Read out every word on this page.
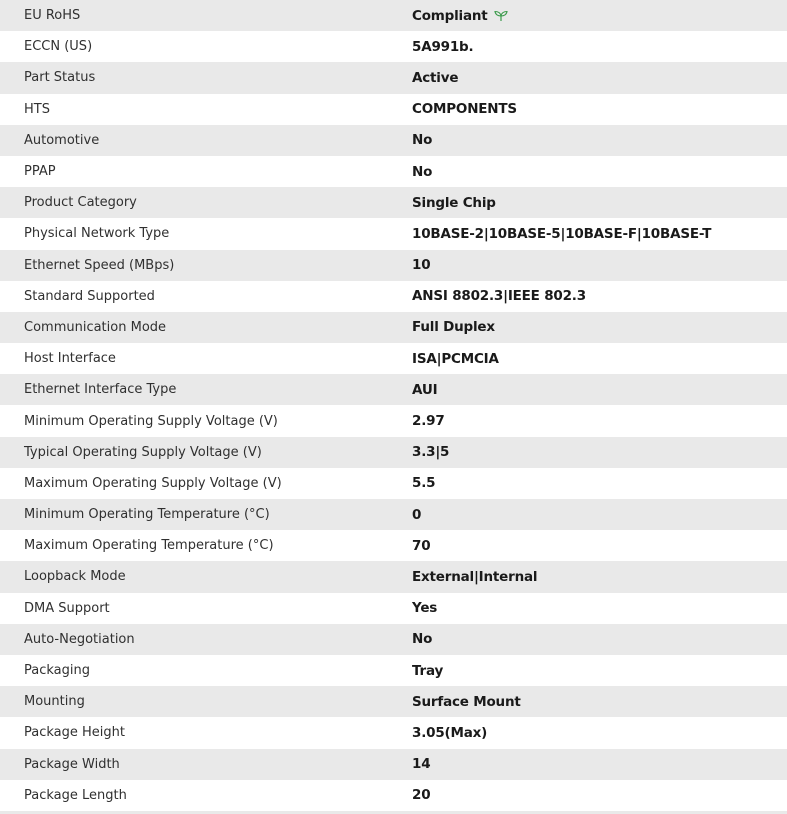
EU RoHS	Compliant
ECCN (US)	5A991b.
Part Status	Active
HTS	COMPONENTS
Automotive	No
PPAP	No
Product Category	Single Chip
Physical Network Type	10BASE-2|10BASE-5|10BASE-F|10BASE-T
Ethernet Speed (MBps)	10
Standard Supported	ANSI 8802.3|IEEE 802.3
Communication Mode	Full Duplex
Host Interface	ISA|PCMCIA
Ethernet Interface Type	AUI
Minimum Operating Supply Voltage (V)	2.97
Typical Operating Supply Voltage (V)	3.3|5
Maximum Operating Supply Voltage (V)	5.5
Minimum Operating Temperature (°C)	0
Maximum Operating Temperature (°C)	70
Loopback Mode	External|Internal
DMA Support	Yes
Auto-Negotiation	No
Packaging	Tray
Mounting	Surface Mount
Package Height	3.05(Max)
Package Width	14
Package Length	20
